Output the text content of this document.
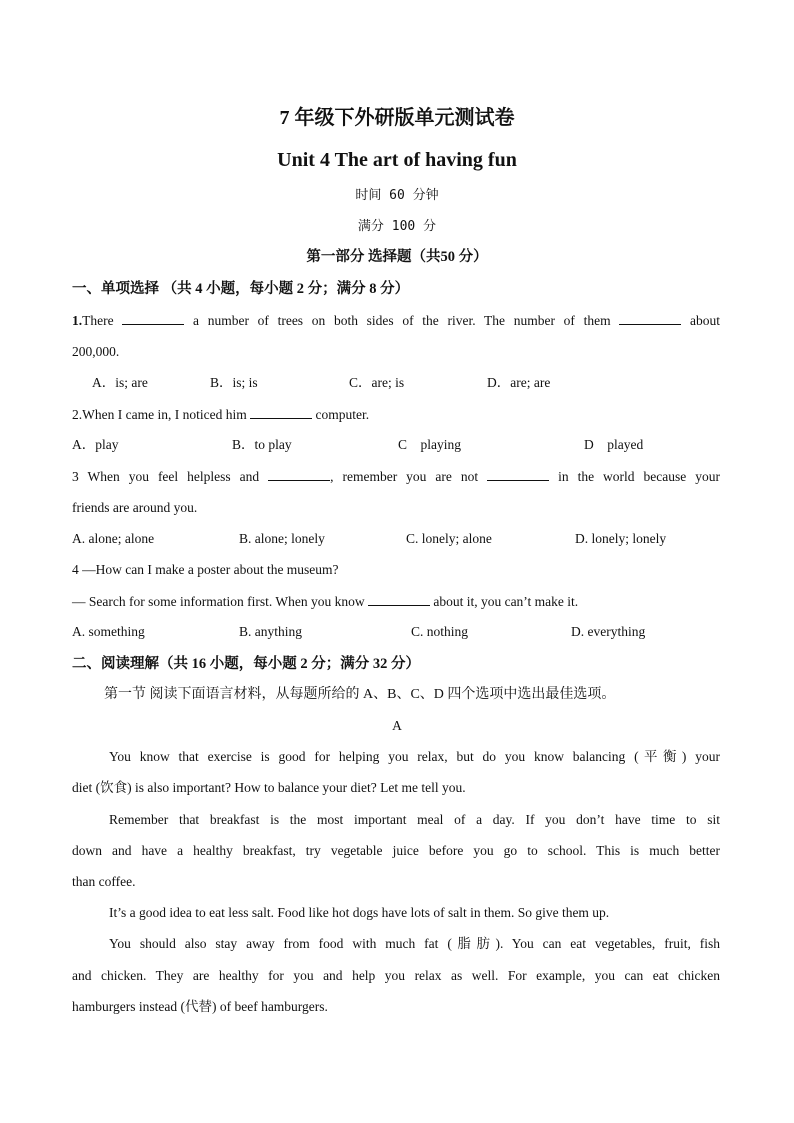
7 年级下外研版单元测试卷
Unit 4 The art of having fun
时间 60 分钟
满分 100 分
第一部分 选择题（共50 分）
一、单项选择 （共 4 小题，每小题 2 分；满分 8 分）
1.There	a number of trees on both sides of the river. The number of them	about
200,000.
A．is; are	B．is; is	C．are; is	D．are; are
2.When I came in, I noticed him	computer.
A．play	B．to play	C　playing	D　played
3 When you feel helpless and	, remember you are not	in the world because your
friends are around you.
A. alone; alone	B. alone; lonely	C. lonely; alone	D. lonely; lonely
4 —How can I make a poster about the museum?
— Search for some information first. When you know	about it, you can’t make it.
A. something	B. anything	C. nothing	D. everything
二、阅读理解（共 16 小题，每小题 2 分；满分 32 分）
第一节 阅读下面语言材料，从每题所给的 A、B、C、D 四个选项中选出最佳选项。
A
You know that exercise is good for helping you relax, but do you know balancing (平衡) your
diet (饮食) is also important? How to balance your diet? Let me tell you.
Remember that breakfast is the most important meal of a day. If you don’t have time to sit
down and have a healthy breakfast, try vegetable juice before you go to school. This is much better
than coffee.
It’s a good idea to eat less salt. Food like hot dogs have lots of salt in them. So give them up.
You should also stay away from food with much fat (脂肪). You can eat vegetables, fruit, fish
and chicken. They are healthy for you and help you relax as well. For example, you can eat chicken
hamburgers instead (代替) of beef hamburgers.
